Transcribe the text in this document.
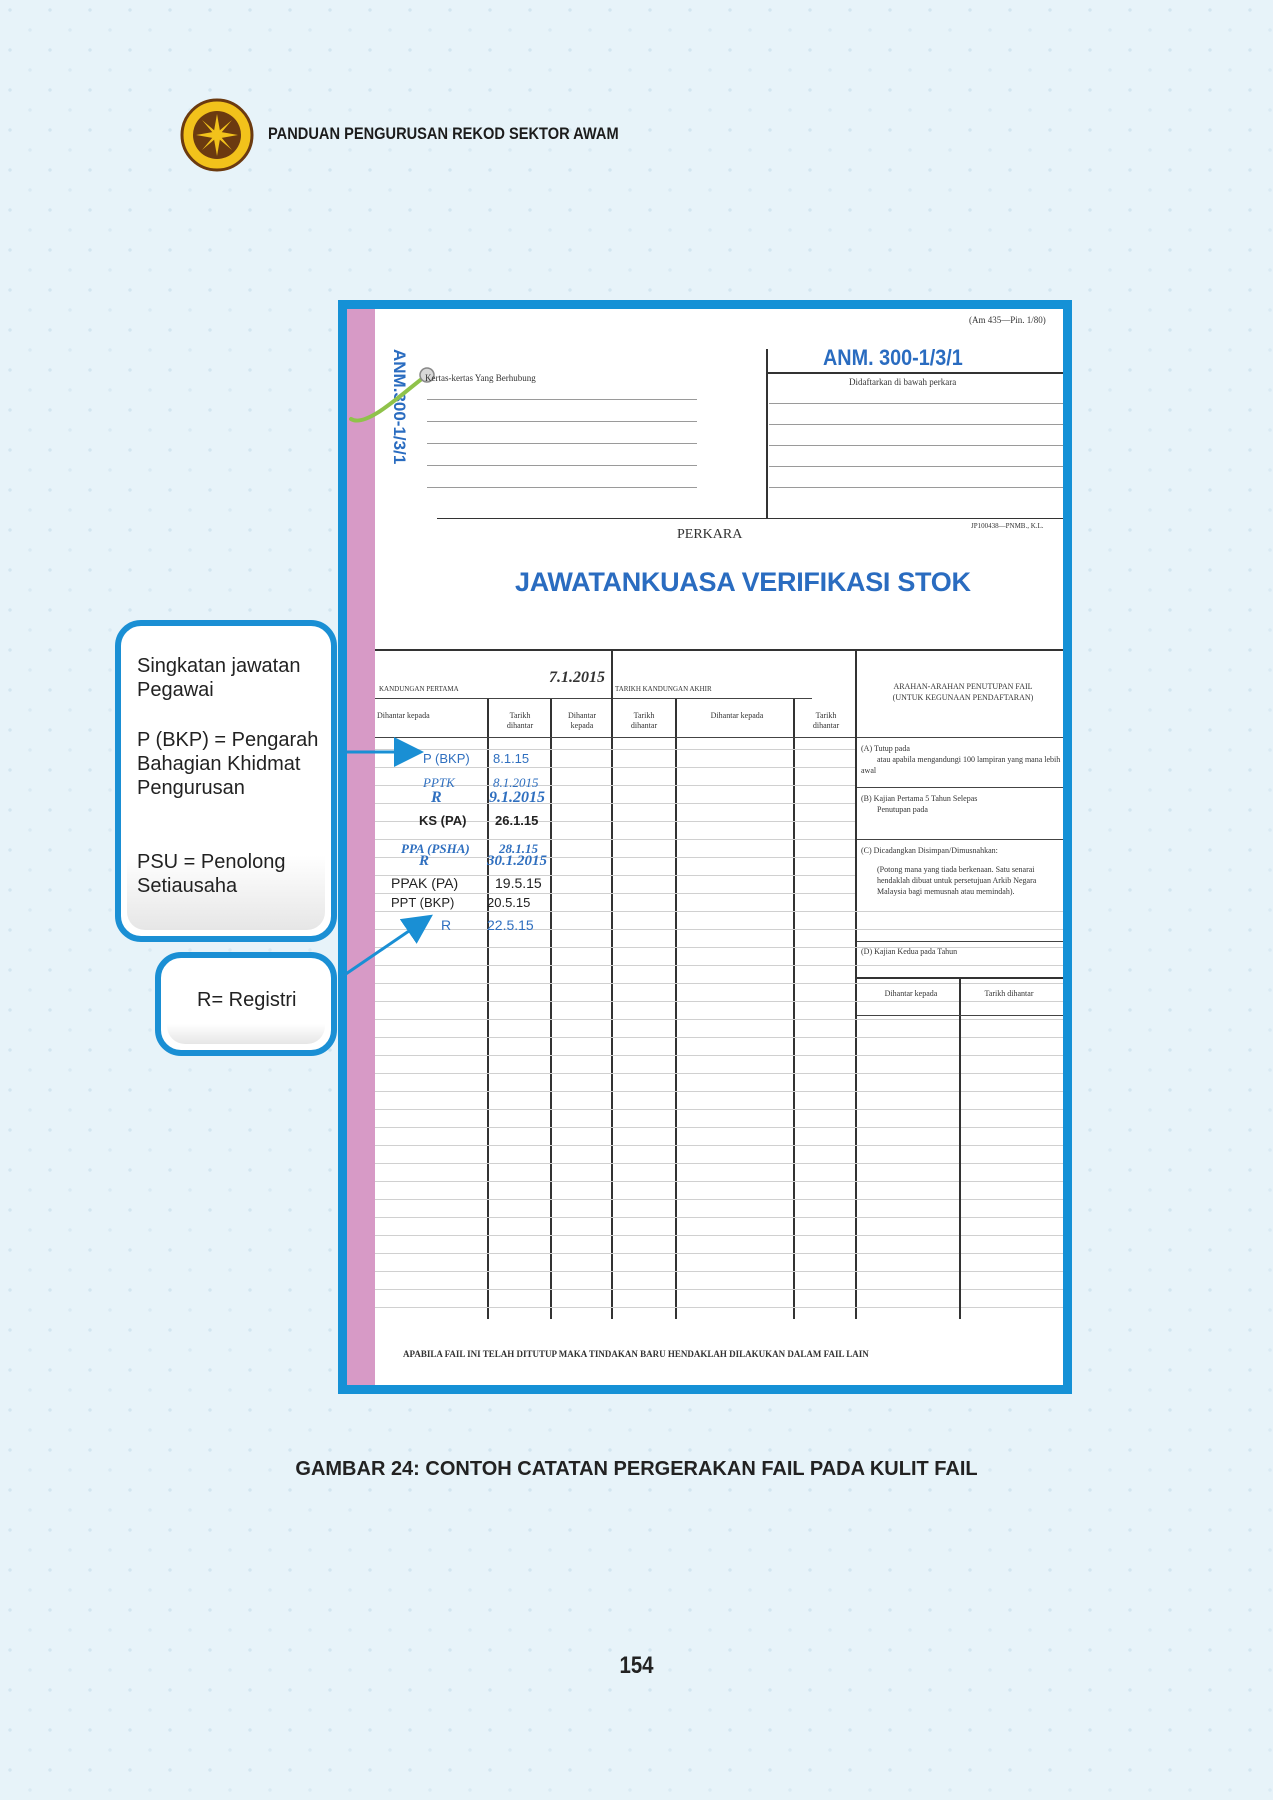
PANDUAN PENGURUSAN REKOD SEKTOR AWAM
(Am 435—Pin. 1/80)
ANM. 300-1/3/1
ANM.300-1/3/1 Kertas-kertas Yang Berhubung	Didaftarkan di bawah perkara
JP100438—PNMB., K.L.
PERKARA
JAWATANKUASA VERIFIKASI STOK
KANDUNGAN PERTAMA
7.1.2015
TARIKH KANDUNGAN AKHIR
Dihantar kepada	Tarikh dihantar
Dihantar kepada
Tarikh dihantar
Dihantar kepada	Tarikh dihantar
P (BKP) 8.1.15
PPTK	8.1.2015
R	9.1.2015
KS (PA) 26.1.15
PPA (PSHA) 28.1.15
R	30.1.2015
PPAK (PA)	19.5.15
PPT (BKP)	20.5.15
R	22.5.15
ARAHAN-ARAHAN PENUTUPAN FAIL
(UNTUK KEGUNAAN PENDAFTARAN)
(A) Tutup pada
atau apabila mengandungi 100 lampiran yang mana lebih awal
(B) Kajian Pertama 5 Tahun Selepas
Penutupan pada
(C) Dicadangkan Disimpan/Dimusnahkan:

(Potong mana yang tiada berkenaan. Satu senarai hendaklah dibuat untuk persetujuan Arkib Negara Malaysia bagi memusnah atau memindah).
(D) Kajian Kedua pada Tahun
Dihantar kepada	Tarikh dihantar
APABILA FAIL INI TELAH DITUTUP MAKA TINDAKAN BARU HENDAKLAH DILAKUKAN DALAM FAIL LAIN
Singkatan jawatan Pegawai
P (BKP) = Pengarah Bahagian Khidmat Pengurusan
PSU = Penolong Setiausaha
R= Registri
GAMBAR 24: CONTOH CATATAN PERGERAKAN FAIL PADA KULIT FAIL
154
